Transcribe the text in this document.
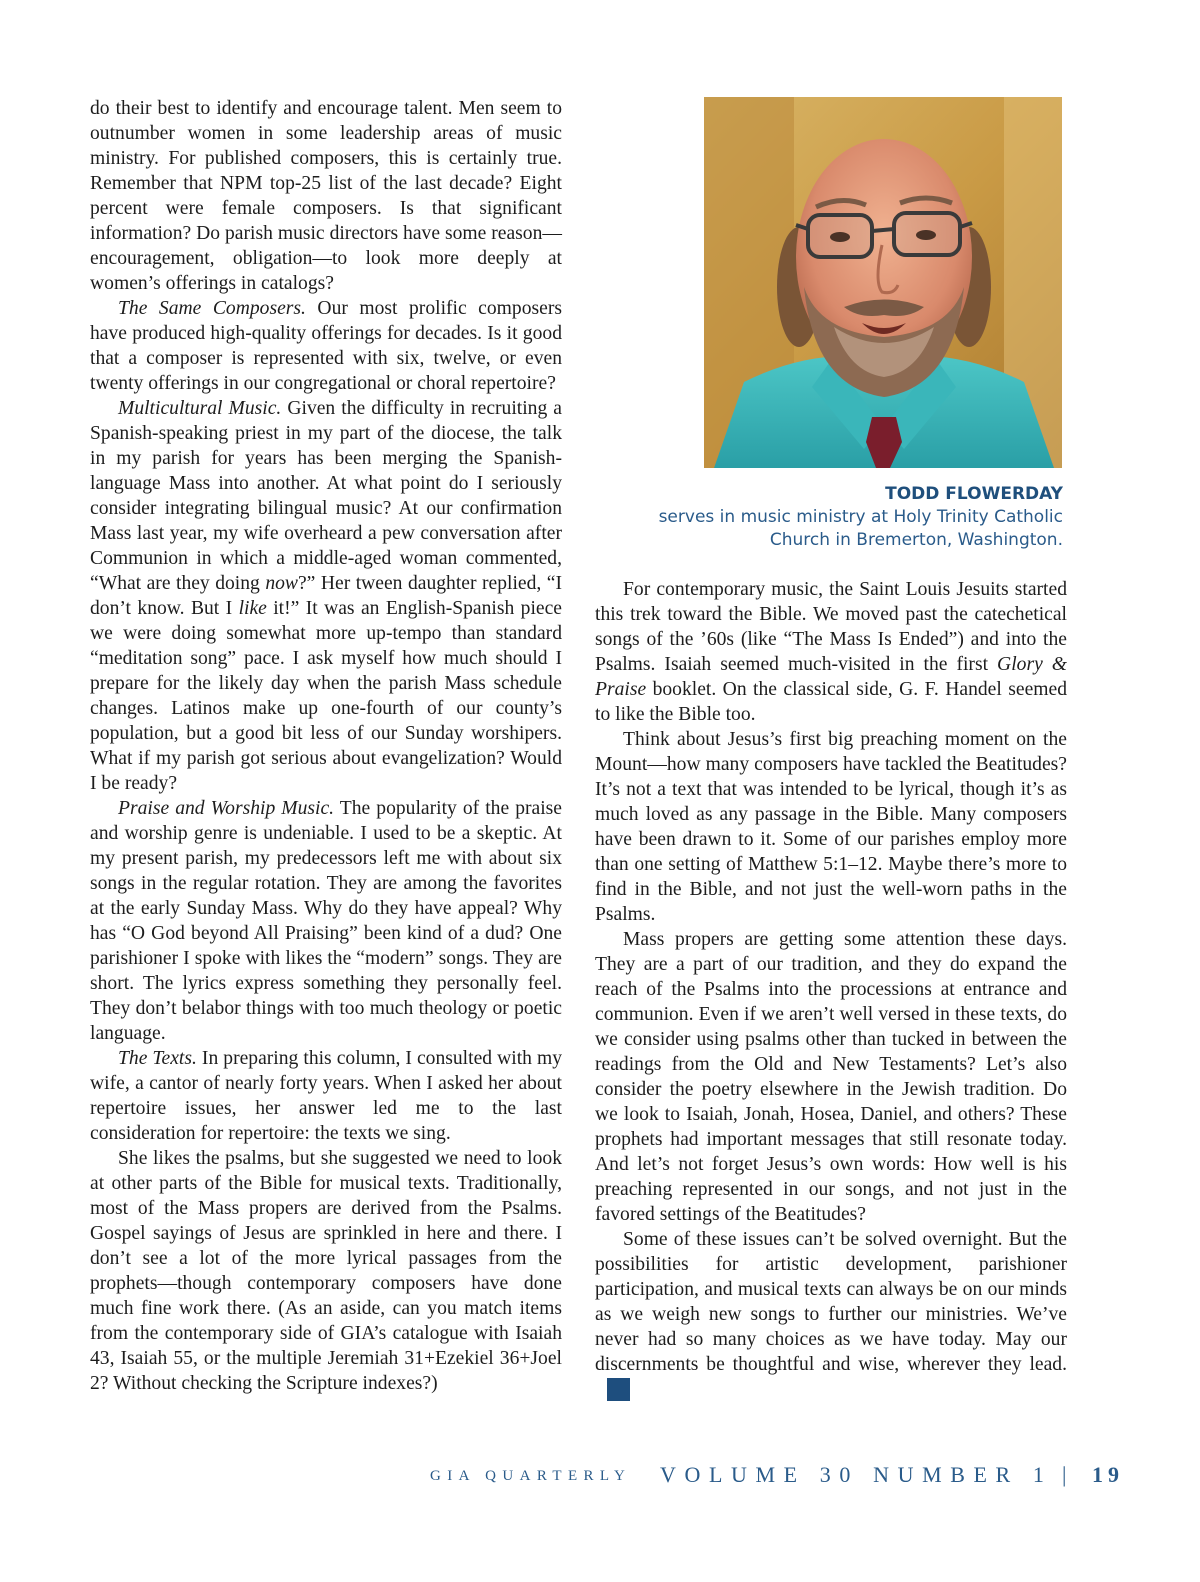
do their best to identify and encourage talent. Men seem to outnumber women in some leadership areas of music ministry. For published composers, this is certainly true. Remember that NPM top-25 list of the last decade? Eight percent were female composers. Is that significant information? Do parish music directors have some reason—encouragement, obligation—to look more deeply at women’s offerings in catalogs?

The Same Composers. Our most prolific composers have produced high-quality offerings for decades. Is it good that a composer is represented with six, twelve, or even twenty offerings in our congregational or choral repertoire?

Multicultural Music. Given the difficulty in recruiting a Spanish-speaking priest in my part of the diocese, the talk in my parish for years has been merging the Spanish-language Mass into another. At what point do I seriously consider integrating bilingual music? At our confirmation Mass last year, my wife overheard a pew conversation after Communion in which a middle-aged woman commented, “What are they doing now?” Her tween daughter replied, “I don’t know. But I like it!” It was an English-Spanish piece we were doing somewhat more up-tempo than standard “meditation song” pace. I ask myself how much should I prepare for the likely day when the parish Mass schedule changes. Latinos make up one-fourth of our county’s population, but a good bit less of our Sunday worshipers. What if my parish got serious about evangelization? Would I be ready?

Praise and Worship Music. The popularity of the praise and worship genre is undeniable. I used to be a skeptic. At my present parish, my predecessors left me with about six songs in the regular rotation. They are among the favorites at the early Sunday Mass. Why do they have appeal? Why has “O God beyond All Praising” been kind of a dud? One parishioner I spoke with likes the “modern” songs. They are short. The lyrics express something they personally feel. They don’t belabor things with too much theology or poetic language.

The Texts. In preparing this column, I consulted with my wife, a cantor of nearly forty years. When I asked her about repertoire issues, her answer led me to the last consideration for repertoire: the texts we sing.

She likes the psalms, but she suggested we need to look at other parts of the Bible for musical texts. Traditionally, most of the Mass propers are derived from the Psalms. Gospel sayings of Jesus are sprinkled in here and there. I don’t see a lot of the more lyrical passages from the prophets—though contemporary composers have done much fine work there. (As an aside, can you match items from the contemporary side of GIA’s catalogue with Isaiah 43, Isaiah 55, or the multiple Jeremiah 31+Ezekiel 36+Joel 2? Without checking the Scripture indexes?)

TODD FLOWERDAY
serves in music ministry at Holy Trinity Catholic Church in Bremerton, Washington.

For contemporary music, the Saint Louis Jesuits started this trek toward the Bible. We moved past the catechetical songs of the ’60s (like “The Mass Is Ended”) and into the Psalms. Isaiah seemed much-visited in the first Glory & Praise booklet. On the classical side, G. F. Handel seemed to like the Bible too.

Think about Jesus’s first big preaching moment on the Mount—how many composers have tackled the Beatitudes? It’s not a text that was intended to be lyrical, though it’s as much loved as any passage in the Bible. Many composers have been drawn to it. Some of our parishes employ more than one setting of Matthew 5:1–12. Maybe there’s more to find in the Bible, and not just the well-worn paths in the Psalms.

Mass propers are getting some attention these days. They are a part of our tradition, and they do expand the reach of the Psalms into the processions at entrance and communion. Even if we aren’t well versed in these texts, do we consider using psalms other than tucked in between the readings from the Old and New Testaments? Let’s also consider the poetry elsewhere in the Jewish tradition. Do we look to Isaiah, Jonah, Hosea, Daniel, and others? These prophets had important messages that still resonate today. And let’s not forget Jesus’s own words: How well is his preaching represented in our songs, and not just in the favored settings of the Beatitudes?

Some of these issues can’t be solved overnight. But the possibilities for artistic development, parishioner participation, and musical texts can always be on our minds as we weigh new songs to further our ministries. We’ve never had so many choices as we have today. May our discernments be thoughtful and wise, wherever they lead.

GIA QUARTERLY VOLUME 30 NUMBER 1 | 19
